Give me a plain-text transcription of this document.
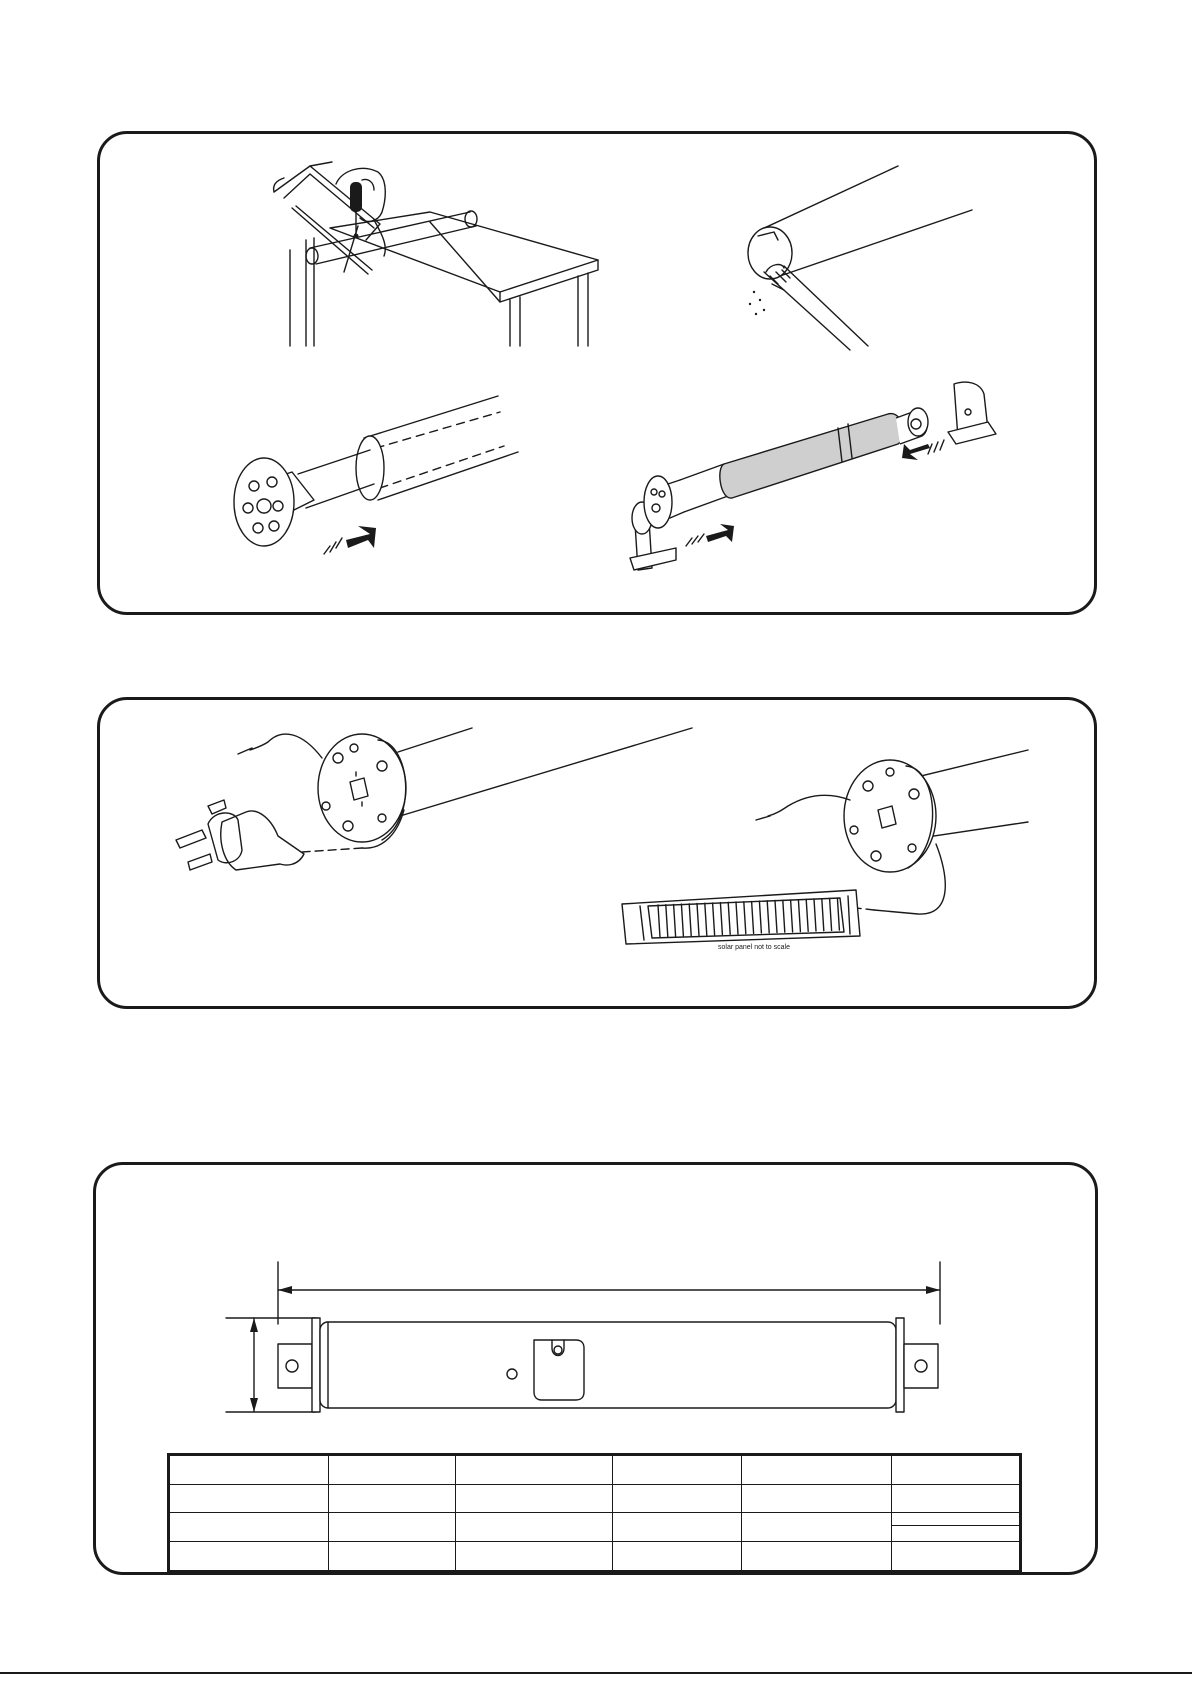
solar panel not to scale
